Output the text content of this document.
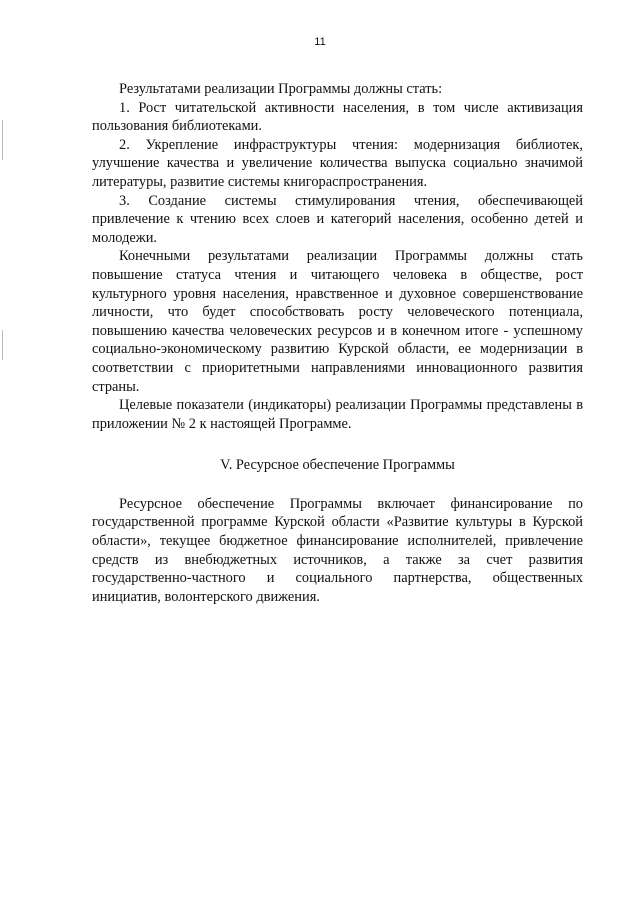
11

Результатами реализации Программы должны стать:

1. Рост читательской активности населения, в том числе активизация пользования библиотеками.

2. Укрепление инфраструктуры чтения: модернизация библиотек, улучшение качества и увеличение количества выпуска социально значимой литературы, развитие системы книгораспространения.

3. Создание системы стимулирования чтения, обеспечивающей привлечение к чтению всех слоев и категорий населения, особенно детей и молодежи.

Конечными результатами реализации Программы должны стать повышение статуса чтения и читающего человека в обществе, рост культурного уровня населения, нравственное и духовное совершенствование личности, что будет способствовать росту человеческого потенциала, повышению качества человеческих ресурсов и в конечном итоге - успешному социально-экономическому развитию Курской области, ее модернизации в соответствии с приоритетными направлениями инновационного развития страны.

Целевые показатели (индикаторы) реализации Программы представлены в приложении № 2 к настоящей Программе.

V. Ресурсное обеспечение Программы

Ресурсное обеспечение Программы включает финансирование по государственной программе Курской области «Развитие культуры в Курской области», текущее бюджетное финансирование исполнителей, привлечение средств из внебюджетных источников, а также за счет развития государственно-частного и социального партнерства, общественных инициатив, волонтерского движения.
